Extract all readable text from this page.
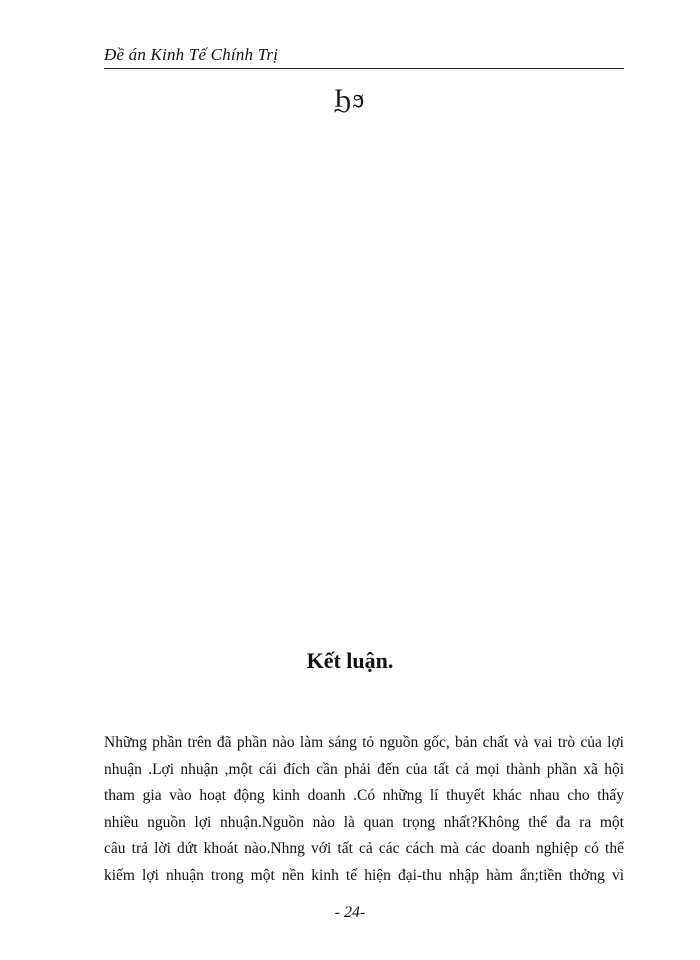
Đề án Kinh Tế Chính Trị
Ϧϧ
Kết luận.
Những phần trên đã phần nào làm sáng tỏ nguồn gốc, bản chất và vai trò của lợi
nhuận .Lợi nhuận ,một cái đích cần phải đến của tất cả mọi thành phần xã hội
tham gia vào hoạt động kinh doanh .Có những lí thuyết khác nhau cho thấy
nhiều nguồn lợi nhuận.Nguồn nào là quan trọng nhất?Không thể đa ra một
câu trả lời dứt khoát nào.Nhng với tất cả các cách mà các doanh nghiệp có thể
kiếm lợi nhuận trong một nền kinh tế hiện đại-thu nhập hàm ẩn;tiền thởng vì
- 24-
